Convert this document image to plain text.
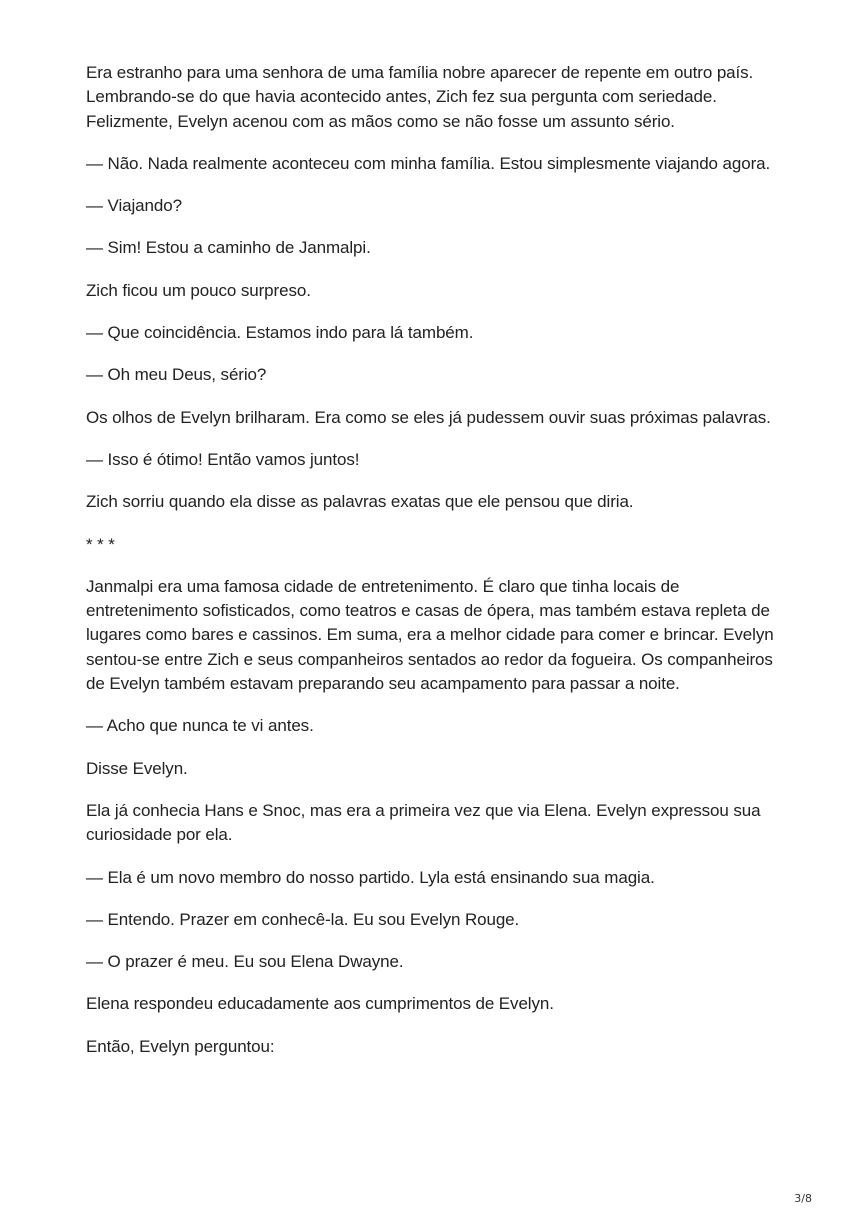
Era estranho para uma senhora de uma família nobre aparecer de repente em outro país. Lembrando-se do que havia acontecido antes, Zich fez sua pergunta com seriedade. Felizmente, Evelyn acenou com as mãos como se não fosse um assunto sério.

— Não. Nada realmente aconteceu com minha família. Estou simplesmente viajando agora.

— Viajando?

— Sim! Estou a caminho de Janmalpi.

Zich ficou um pouco surpreso.

— Que coincidência. Estamos indo para lá também.

— Oh meu Deus, sério?

Os olhos de Evelyn brilharam. Era como se eles já pudessem ouvir suas próximas palavras.

— Isso é ótimo! Então vamos juntos!

Zich sorriu quando ela disse as palavras exatas que ele pensou que diria.

* * *

Janmalpi era uma famosa cidade de entretenimento. É claro que tinha locais de entretenimento sofisticados, como teatros e casas de ópera, mas também estava repleta de lugares como bares e cassinos. Em suma, era a melhor cidade para comer e brincar. Evelyn sentou-se entre Zich e seus companheiros sentados ao redor da fogueira. Os companheiros de Evelyn também estavam preparando seu acampamento para passar a noite.

— Acho que nunca te vi antes.

Disse Evelyn.

Ela já conhecia Hans e Snoc, mas era a primeira vez que via Elena. Evelyn expressou sua curiosidade por ela.

— Ela é um novo membro do nosso partido. Lyla está ensinando sua magia.

— Entendo. Prazer em conhecê-la. Eu sou Evelyn Rouge.

— O prazer é meu. Eu sou Elena Dwayne.

Elena respondeu educadamente aos cumprimentos de Evelyn.

Então, Evelyn perguntou:

3/8
